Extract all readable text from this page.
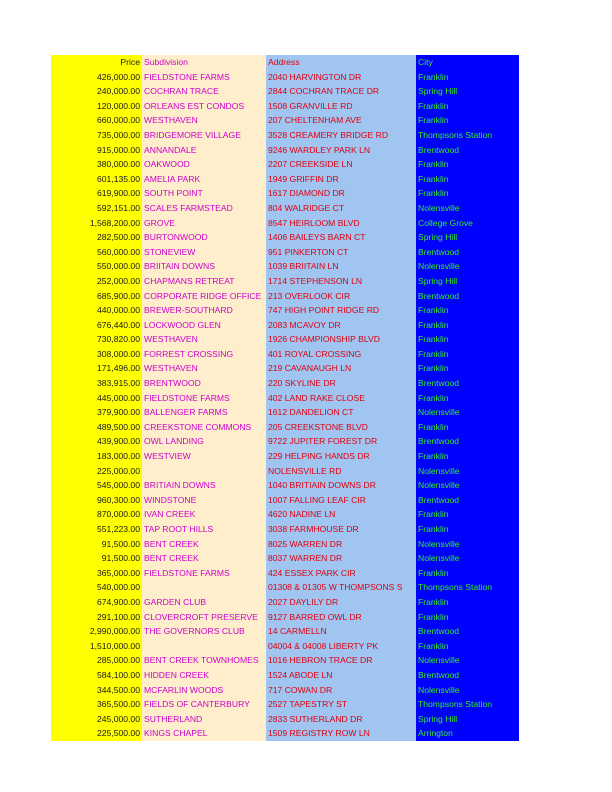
Price	Subdivision	Address	City
426,000.00	FIELDSTONE FARMS	2040 HARVINGTON DR	Franklin
240,000.00	COCHRAN TRACE	2844 COCHRAN TRACE DR	Spring Hill
120,000.00	ORLEANS EST CONDOS	1508 GRANVILLE RD	Franklin
660,000.00	WESTHAVEN	207 CHELTENHAM AVE	Franklin
735,000.00	BRIDGEMORE VILLAGE	3528 CREAMERY BRIDGE RD	Thompsons Station
915,000.00	ANNANDALE	9246 WARDLEY PARK LN	Brentwood
380,000.00	OAKWOOD	2207 CREEKSIDE LN	Franklin
601,135.00	AMELIA PARK	1949 GRIFFIN DR	Franklin
619,900.00	SOUTH POINT	1617 DIAMOND DR	Franklin
592,151.00	SCALES FARMSTEAD	804 WALRIDGE CT	Nolensville
1,568,200.00	GROVE	8547 HEIRLOOM BLVD	College Grove
282,500.00	BURTONWOOD	1406 BAILEYS BARN CT	Spring Hill
560,000.00	STONEVIEW	951 PINKERTON CT	Brentwood
550,000.00	BRIITAIN DOWNS	1039 BRIITAIN LN	Nolensville
252,000.00	CHAPMANS RETREAT	1714 STEPHENSON LN	Spring Hill
685,900.00	CORPORATE RIDGE OFFICE	213 OVERLOOK CIR	Brentwood
440,000.00	BREWER-SOUTHARD	747 HIGH POINT RIDGE RD	Franklin
676,440.00	LOCKWOOD GLEN	2083 MCAVOY DR	Franklin
730,820.00	WESTHAVEN	1926 CHAMPIONSHIP BLVD	Franklin
308,000.00	FORREST CROSSING	401 ROYAL CROSSING	Franklin
171,496.00	WESTHAVEN	219 CAVANAUGH LN	Franklin
383,915.00	BRENTWOOD	220 SKYLINE DR	Brentwood
445,000.00	FIELDSTONE FARMS	402 LAND RAKE CLOSE	Franklin
379,900.00	BALLENGER FARMS	1612 DANDELION CT	Nolensville
489,500.00	CREEKSTONE COMMONS	205 CREEKSTONE BLVD	Franklin
439,900.00	OWL LANDING	9722 JUPITER FOREST DR	Brentwood
183,000.00	WESTVIEW	229 HELPING HANDS DR	Franklin
225,000.00		NOLENSVILLE RD	Nolensville
545,000.00	BRITIAIN DOWNS	1040 BRITIAIN DOWNS DR	Nolensville
960,300.00	WINDSTONE	1007 FALLING LEAF CIR	Brentwood
870,000.00	IVAN CREEK	4620 NADINE LN	Franklin
551,223.00	TAP ROOT HILLS	3038 FARMHOUSE DR	Franklin
91,500.00	BENT CREEK	8025 WARREN DR	Nolensville
91,500.00	BENT CREEK	8037 WARREN DR	Nolensville
365,000.00	FIELDSTONE FARMS	424 ESSEX PARK CIR	Franklin
540,000.00		01308 & 01305 W THOMPSONS S	Thompsons Station
674,900.00	GARDEN CLUB	2027 DAYLILY DR	Franklin
291,100.00	CLOVERCROFT PRESERVE	9127 BARRED OWL DR	Franklin
2,990,000.00	THE GOVERNORS CLUB	14 CARMELLN	Brentwood
1,510,000.00		04004 & 04008 LIBERTY PK	Franklin
285,000.00	BENT CREEK TOWNHOMES	1016 HEBRON TRACE DR	Nolensville
584,100.00	HIDDEN CREEK	1524 ABODE LN	Brentwood
344,500.00	MCFARLIN WOODS	717 COWAN DR	Nolensville
365,500.00	FIELDS OF CANTERBURY	2527 TAPESTRY ST	Thompsons Station
245,000.00	SUTHERLAND	2833 SUTHERLAND DR	Spring Hill
225,500.00	KINGS CHAPEL	1509 REGISTRY ROW LN	Arrington
